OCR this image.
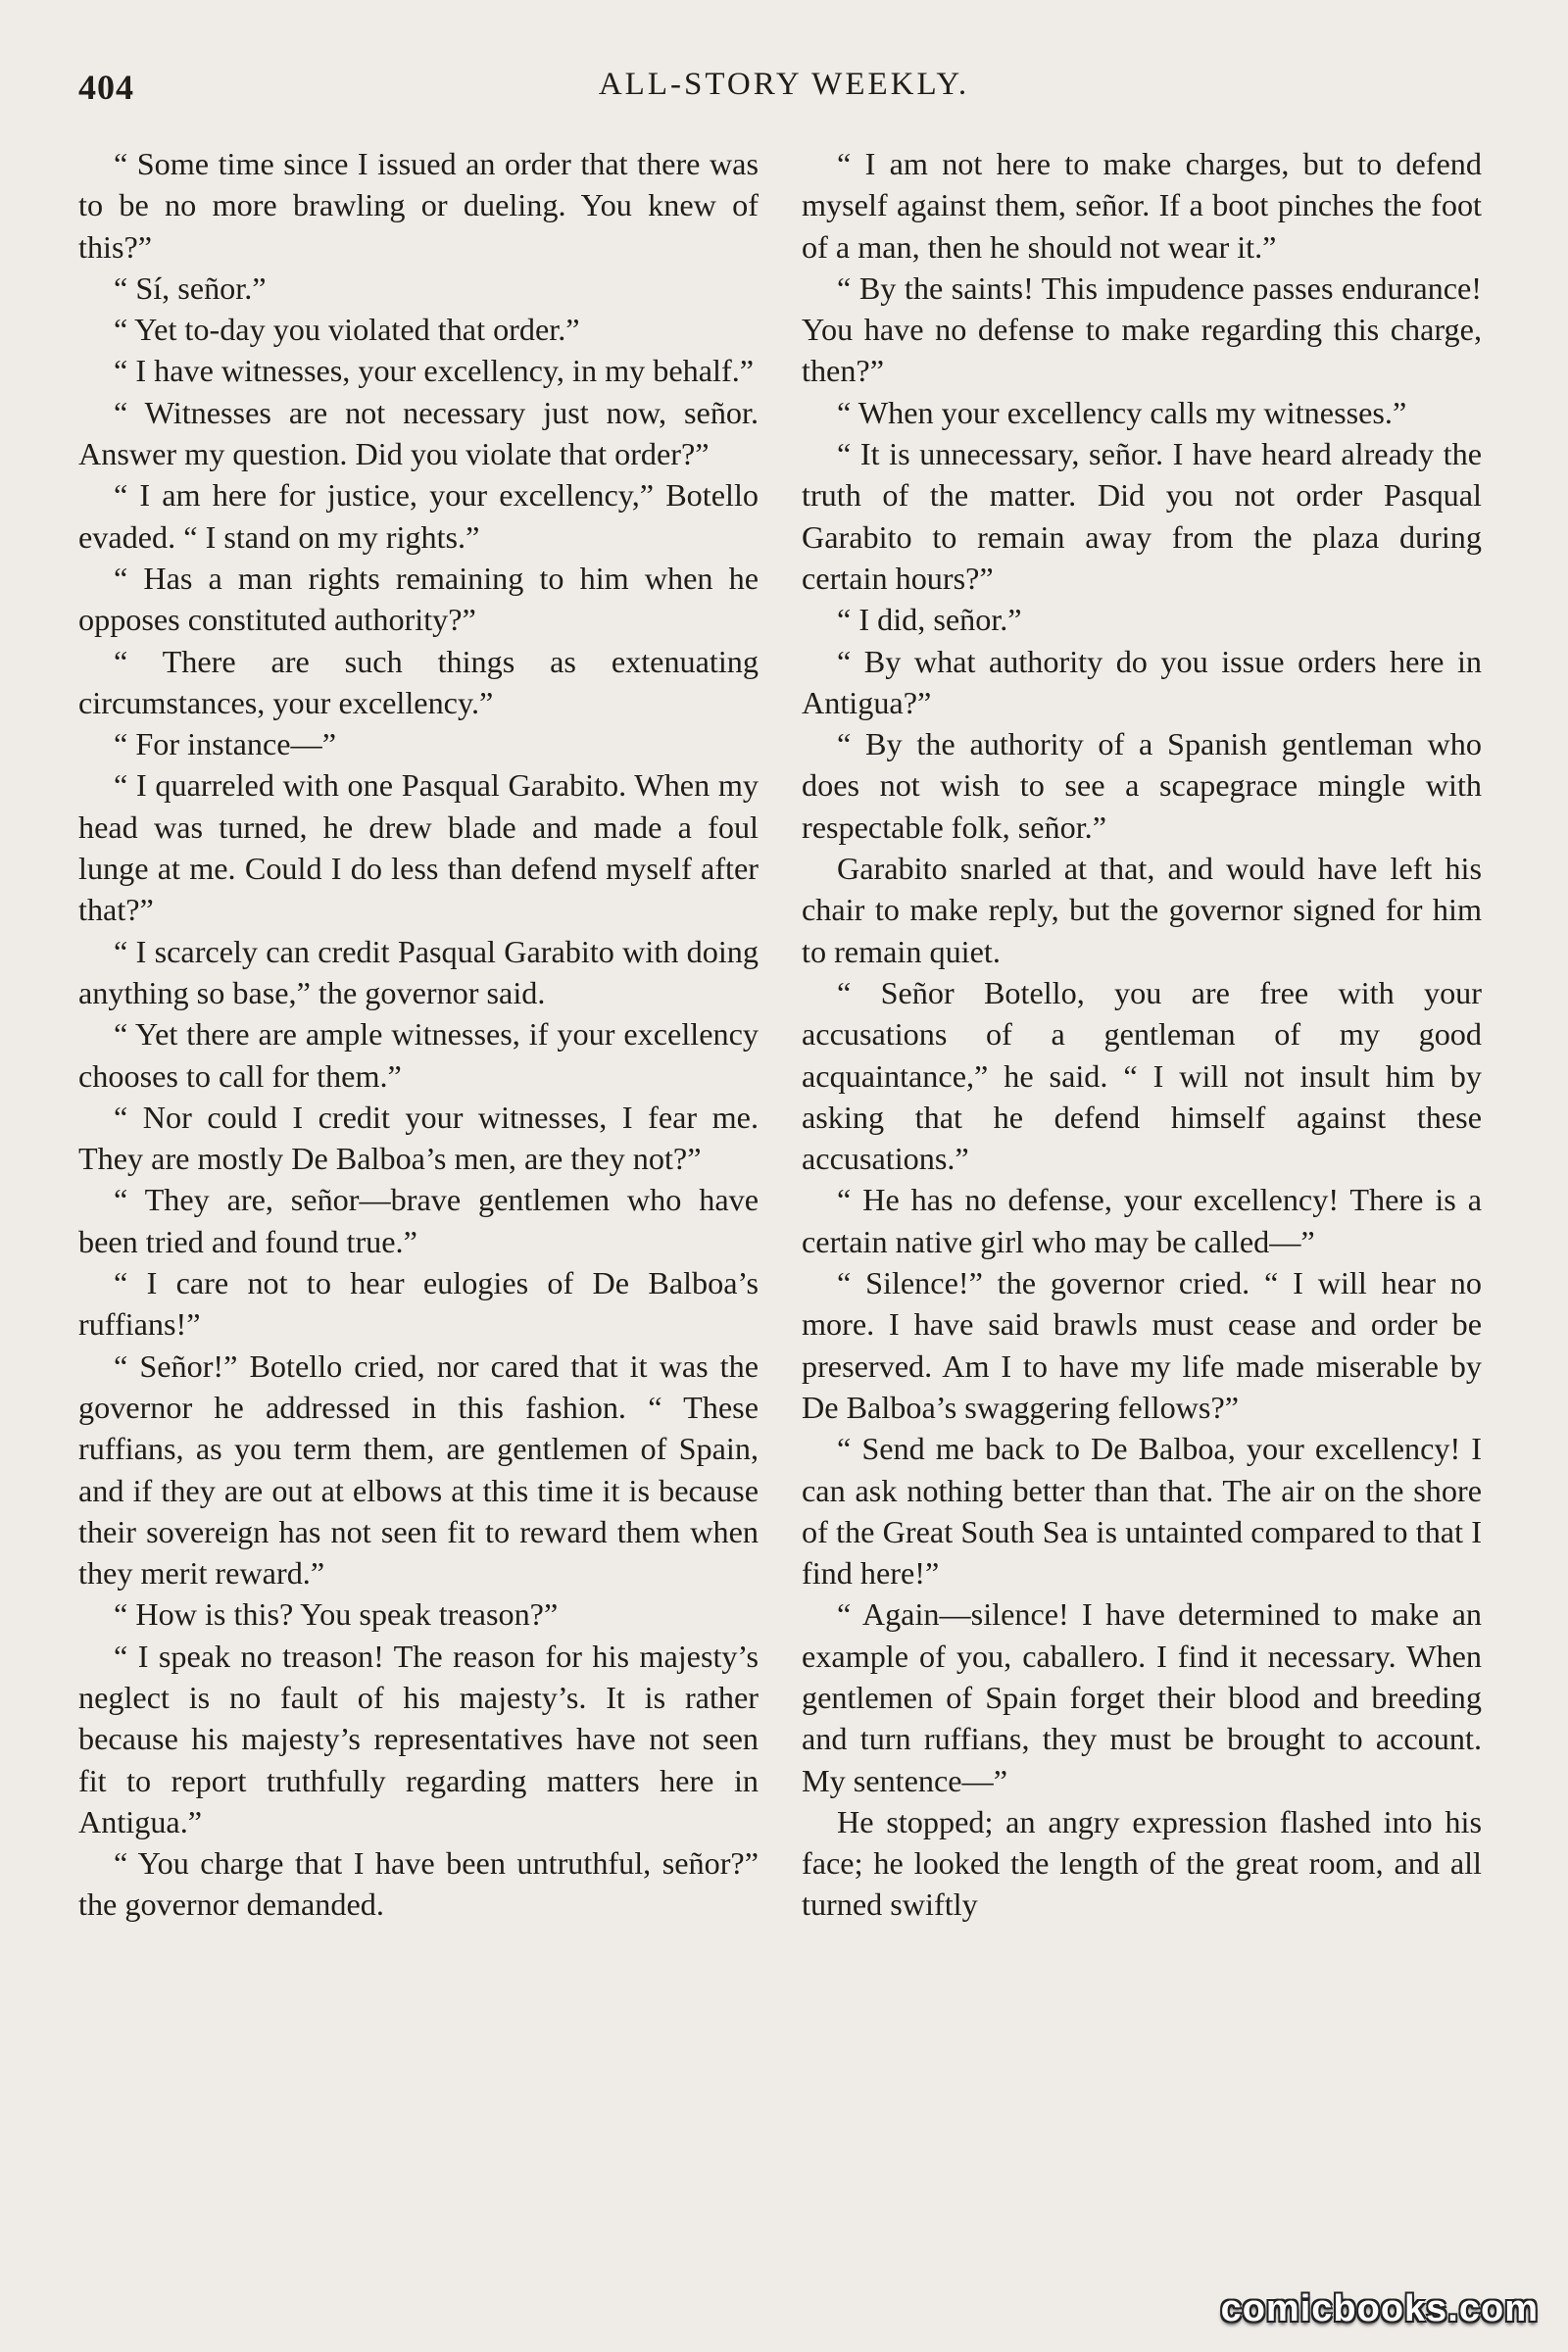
404	ALL-STORY WEEKLY.

“ Some time since I issued an order that there was to be no more brawling or dueling. You knew of this?”

“ Sí, señor.”

“ Yet to-day you violated that order.”

“ I have witnesses, your excellency, in my behalf.”

“ Witnesses are not necessary just now, señor. Answer my question. Did you violate that order?”

“ I am here for justice, your excellency,” Botello evaded. “ I stand on my rights.”

“ Has a man rights remaining to him when he opposes constituted authority?”

“ There are such things as extenuating circumstances, your excellency.”

“ For instance—”

“ I quarreled with one Pasqual Garabito. When my head was turned, he drew blade and made a foul lunge at me. Could I do less than defend myself after that?”

“ I scarcely can credit Pasqual Garabito with doing anything so base,” the governor said.

“ Yet there are ample witnesses, if your excellency chooses to call for them.”

“ Nor could I credit your witnesses, I fear me. They are mostly De Balboa’s men, are they not?”

“ They are, señor—brave gentlemen who have been tried and found true.”

“ I care not to hear eulogies of De Balboa’s ruffians!”

“ Señor!” Botello cried, nor cared that it was the governor he addressed in this fashion. “ These ruffians, as you term them, are gentlemen of Spain, and if they are out at elbows at this time it is because their sovereign has not seen fit to reward them when they merit reward.”

“ How is this? You speak treason?”

“ I speak no treason! The reason for his majesty’s neglect is no fault of his majesty’s. It is rather because his majesty’s representatives have not seen fit to report truthfully regarding matters here in Antigua.”

“ You charge that I have been untruthful, señor?” the governor demanded.

“ I am not here to make charges, but to defend myself against them, señor. If a boot pinches the foot of a man, then he should not wear it.”

“ By the saints! This impudence passes endurance! You have no defense to make regarding this charge, then?”

“ When your excellency calls my witnesses.”

“ It is unnecessary, señor. I have heard already the truth of the matter. Did you not order Pasqual Garabito to remain away from the plaza during certain hours?”

“ I did, señor.”

“ By what authority do you issue orders here in Antigua?”

“ By the authority of a Spanish gentleman who does not wish to see a scapegrace mingle with respectable folk, señor.”

Garabito snarled at that, and would have left his chair to make reply, but the governor signed for him to remain quiet.

“ Señor Botello, you are free with your accusations of a gentleman of my good acquaintance,” he said. “ I will not insult him by asking that he defend himself against these accusations.”

“ He has no defense, your excellency! There is a certain native girl who may be called—”

“ Silence!” the governor cried. “ I will hear no more. I have said brawls must cease and order be preserved. Am I to have my life made miserable by De Balboa’s swaggering fellows?”

“ Send me back to De Balboa, your excellency! I can ask nothing better than that. The air on the shore of the Great South Sea is untainted compared to that I find here!”

“ Again—silence! I have determined to make an example of you, caballero. I find it necessary. When gentlemen of Spain forget their blood and breeding and turn ruffians, they must be brought to account. My sentence—”

He stopped; an angry expression flashed into his face; he looked the length of the great room, and all turned swiftly

comicbooks.com
